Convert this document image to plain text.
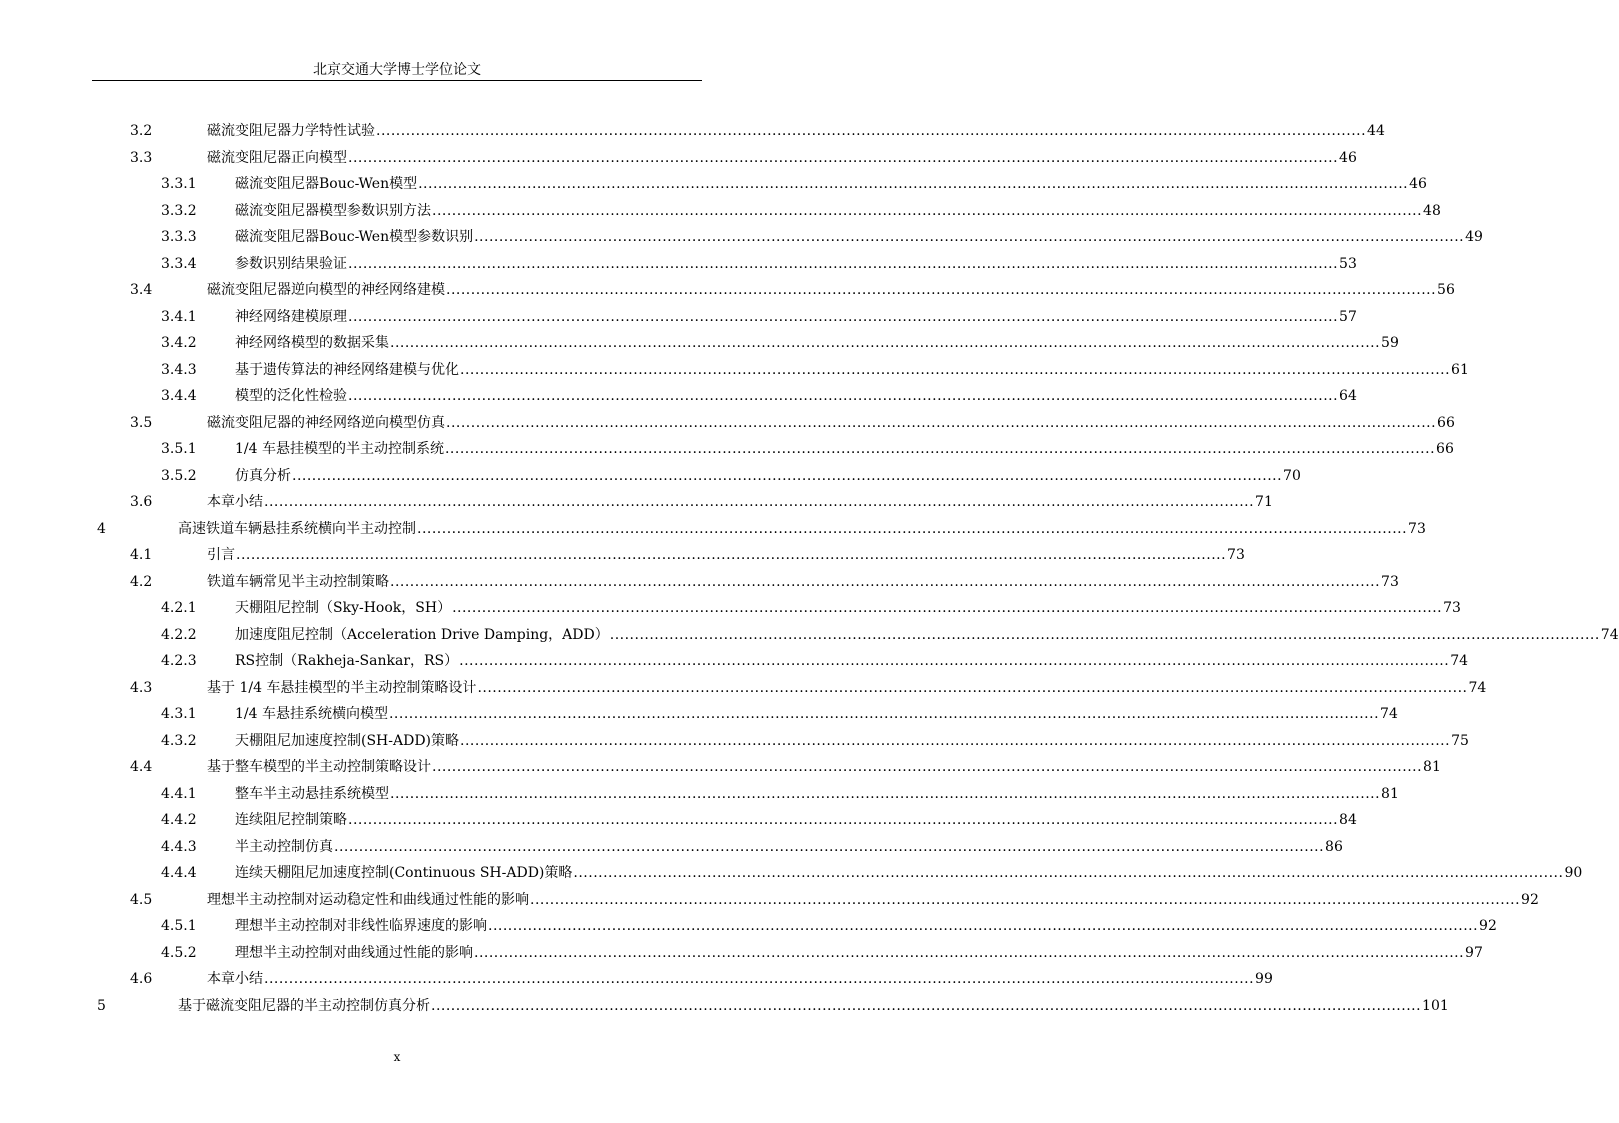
北京交通大学博士学位论文
3.2	磁流变阻尼器力学特性试验 ........................................................................................................................................................................................................ 44
3.3	磁流变阻尼器正向模型 ........................................................................................................................................................................................................ 46
3.3.1	磁流变阻尼器Bouc-Wen模型 ........................................................................................................................................................................................................ 46
3.3.2	磁流变阻尼器模型参数识别方法 ........................................................................................................................................................................................................ 48
3.3.3	磁流变阻尼器Bouc-Wen模型参数识别 ........................................................................................................................................................................................................ 49
3.3.4	参数识别结果验证 ........................................................................................................................................................................................................ 53
3.4	磁流变阻尼器逆向模型的神经网络建模 ........................................................................................................................................................................................................ 56
3.4.1	神经网络建模原理 ........................................................................................................................................................................................................ 57
3.4.2	神经网络模型的数据采集 ........................................................................................................................................................................................................ 59
3.4.3	基于遗传算法的神经网络建模与优化 ........................................................................................................................................................................................................ 61
3.4.4	模型的泛化性检验 ........................................................................................................................................................................................................ 64
3.5	磁流变阻尼器的神经网络逆向模型仿真 ........................................................................................................................................................................................................ 66
3.5.1	1/4 车悬挂模型的半主动控制系统 ........................................................................................................................................................................................................ 66
3.5.2	仿真分析 ........................................................................................................................................................................................................ 70
3.6	本章小结 ........................................................................................................................................................................................................ 71
4	高速铁道车辆悬挂系统横向半主动控制 ........................................................................................................................................................................................................ 73
4.1	引言 ........................................................................................................................................................................................................ 73
4.2	铁道车辆常见半主动控制策略 ........................................................................................................................................................................................................ 73
4.2.1	天棚阻尼控制（Sky-Hook，SH） ........................................................................................................................................................................................................ 73
4.2.2	加速度阻尼控制（Acceleration Drive Damping，ADD） ........................................................................................................................................................................................................ 74
4.2.3	RS控制（Rakheja-Sankar，RS） ........................................................................................................................................................................................................ 74
4.3	基于 1/4 车悬挂模型的半主动控制策略设计 ........................................................................................................................................................................................................ 74
4.3.1	1/4 车悬挂系统横向模型 ........................................................................................................................................................................................................ 74
4.3.2	天棚阻尼加速度控制(SH-ADD)策略 ........................................................................................................................................................................................................ 75
4.4	基于整车模型的半主动控制策略设计 ........................................................................................................................................................................................................ 81
4.4.1	整车半主动悬挂系统模型 ........................................................................................................................................................................................................ 81
4.4.2	连续阻尼控制策略 ........................................................................................................................................................................................................ 84
4.4.3	半主动控制仿真 ........................................................................................................................................................................................................ 86
4.4.4	连续天棚阻尼加速度控制(Continuous SH-ADD)策略 ........................................................................................................................................................................................................ 90
4.5	理想半主动控制对运动稳定性和曲线通过性能的影响 ........................................................................................................................................................................................................ 92
4.5.1	理想半主动控制对非线性临界速度的影响 ........................................................................................................................................................................................................ 92
4.5.2	理想半主动控制对曲线通过性能的影响 ........................................................................................................................................................................................................ 97
4.6	本章小结 ........................................................................................................................................................................................................ 99
5	基于磁流变阻尼器的半主动控制仿真分析 ........................................................................................................................................................................................................ 101
x
